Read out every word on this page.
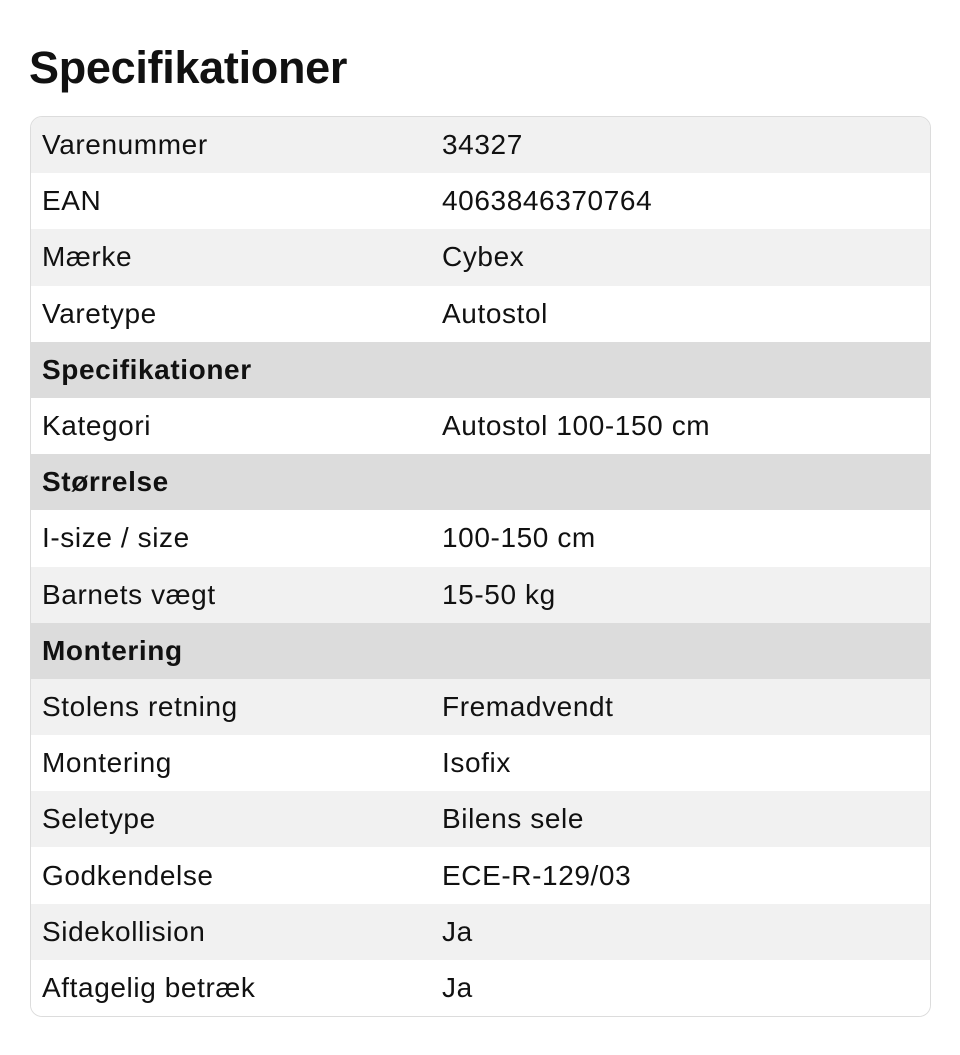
Specifikationer
Varenummer	34327
EAN	4063846370764
Mærke	Cybex
Varetype	Autostol
Specifikationer
Kategori	Autostol 100-150 cm
Størrelse
I-size / size	100-150 cm
Barnets vægt	15-50 kg
Montering
Stolens retning	Fremadvendt
Montering	Isofix
Seletype	Bilens sele
Godkendelse	ECE-R-129/03
Sidekollision	Ja
Aftagelig betræk	Ja
